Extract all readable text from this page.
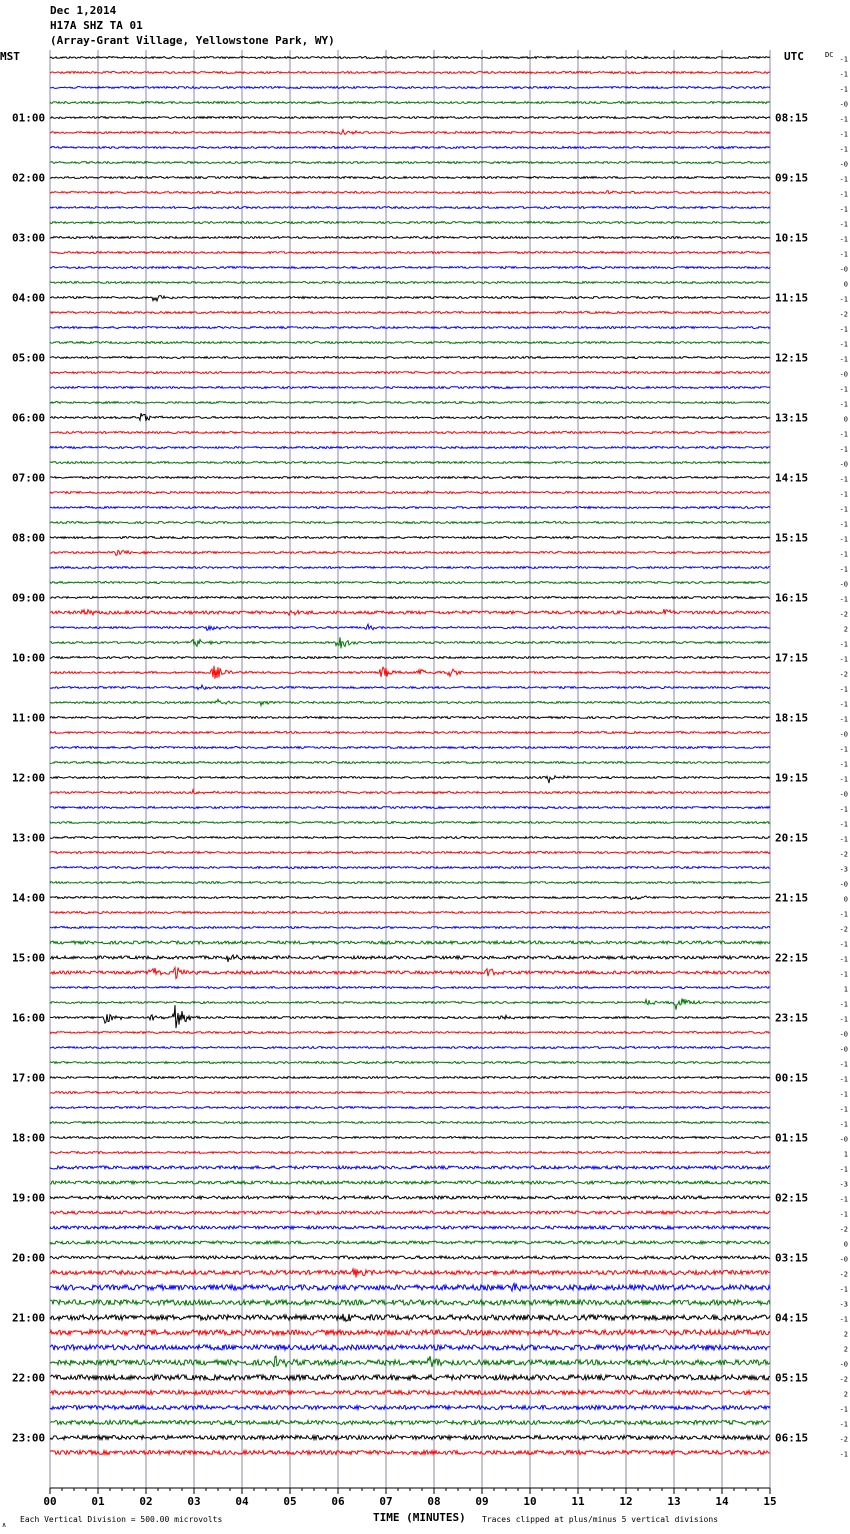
Dec 1,2014
H17A SHZ TA 01
(Array-Grant Village, Yellowstone Park, WY)
01:00
02:00
03:00
04:00
05:00
06:00
07:00
08:00
09:00
10:00
11:00
12:00
13:00
14:00
15:00
16:00
17:00
18:00
19:00
20:00
21:00
22:00
23:00
08:15
09:15
10:15
11:15
12:15
13:15
14:15
15:15
16:15
17:15
18:15
19:15
20:15
21:15
22:15
23:15
00:15
01:15
02:15
03:15
04:15
05:15
06:15
-1
-1
-1
-0
-1
-1
-1
-0
-1
-1
-1
-1
-1
-1
-0
0
-1
-2
-1
-1
-1
-0
-1
-1
0
-1
-1
-0
-1
-1
-1
-1
-1
-1
-1
-0
-1
-2
2
-1
-1
-2
-1
-1
-1
-0
-1
-1
-1
-0
-1
-1
-1
-2
-3
-0
0
-1
-2
-1
-1
-1
1
-1
-1
-0
-0
-1
-1
-1
-1
-1
-0
1
-1
-3
-1
-1
-2
0
-0
-2
-1
-3
-1
2
2
-0
-2
2
-1
-1
-2
-1
00	01	02	03	04	05	06	07	08	09	10	11	12	13	14	15
MST	UTC	DC
∧
Each Vertical Division = 500.00 microvolts	TIME (MINUTES) Traces clipped at plus/minus 5 vertical divisions
